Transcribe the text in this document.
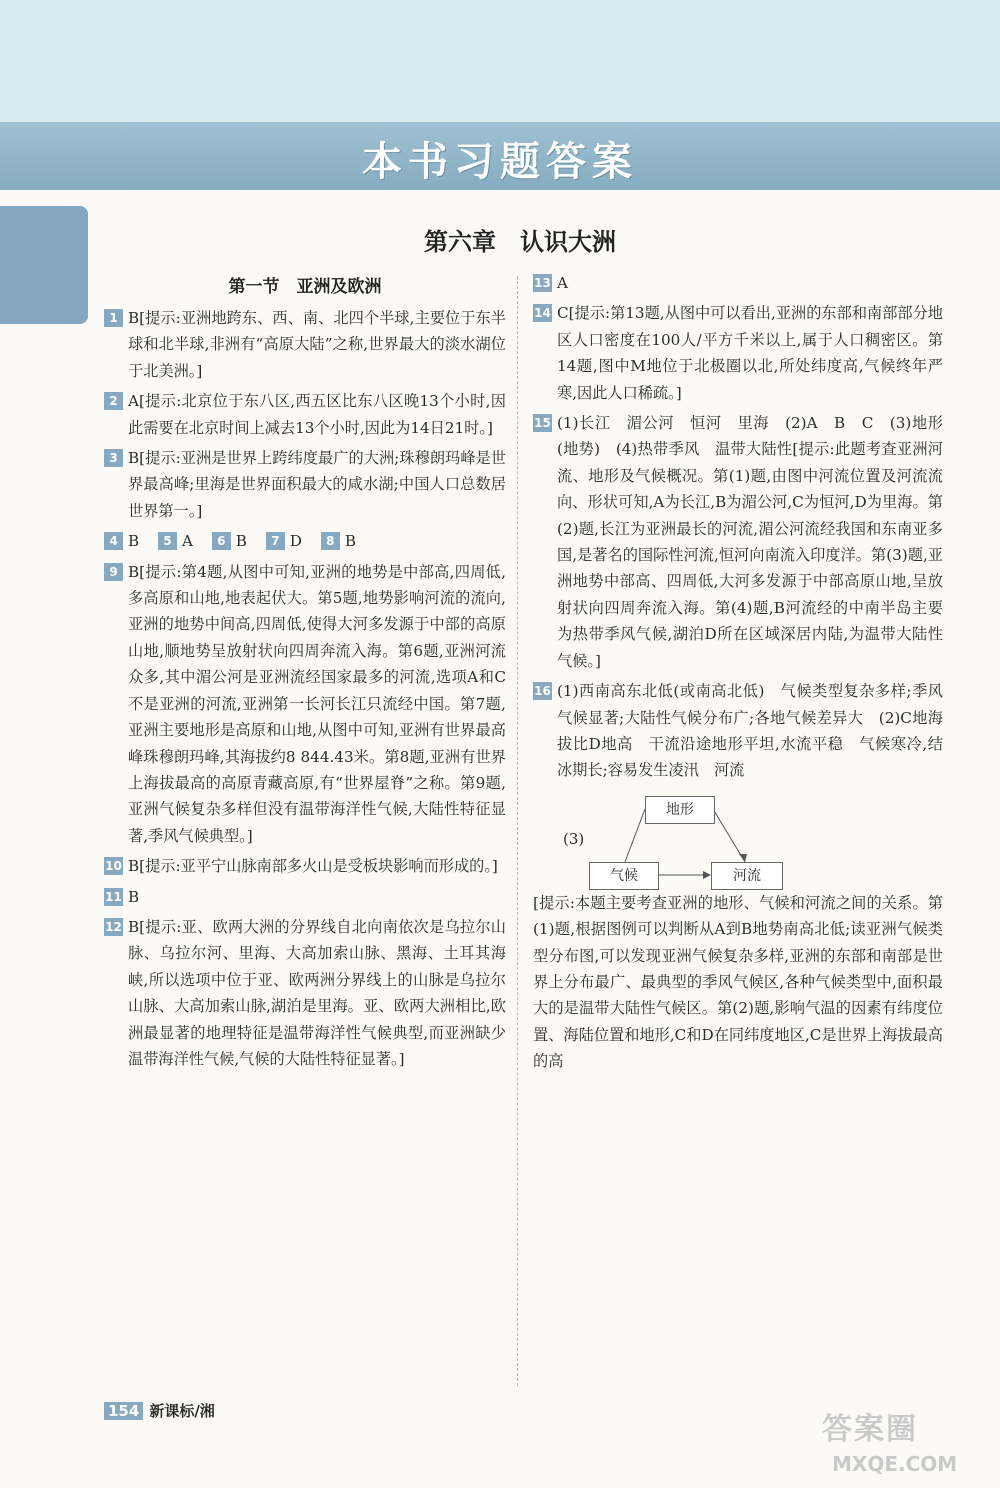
本书习题答案
第六章　认识大洲
第一节　亚洲及欧洲
1 B[提示:亚洲地跨东、西、南、北四个半球,主要位于东半球和北半球,非洲有“高原大陆”之称,世界最大的淡水湖位于北美洲。]
2 A[提示:北京位于东八区,西五区比东八区晚13个小时,因此需要在北京时间上减去13个小时,因此为14日21时。]
3 B[提示:亚洲是世界上跨纬度最广的大洲;珠穆朗玛峰是世界最高峰;里海是世界面积最大的咸水湖;中国人口总数居世界第一。]
4 B 5 A 6 B 7 D 8 B
9 B[提示:第4题,从图中可知,亚洲的地势是中部高,四周低,多高原和山地,地表起伏大。第5题,地势影响河流的流向,亚洲的地势中间高,四周低,使得大河多发源于中部的高原山地,顺地势呈放射状向四周奔流入海。第6题,亚洲河流众多,其中湄公河是亚洲流经国家最多的河流,选项A和C不是亚洲的河流,亚洲第一长河长江只流经中国。第7题,亚洲主要地形是高原和山地,从图中可知,亚洲有世界最高峰珠穆朗玛峰,其海拔约8 844.43米。第8题,亚洲有世界上海拔最高的高原青藏高原,有“世界屋脊”之称。第9题,亚洲气候复杂多样但没有温带海洋性气候,大陆性特征显著,季风气候典型。]
10 B[提示:亚平宁山脉南部多火山是受板块影响而形成的。]
11 B
12 B[提示:亚、欧两大洲的分界线自北向南依次是乌拉尔山脉、乌拉尔河、里海、大高加索山脉、黑海、土耳其海峡,所以选项中位于亚、欧两洲分界线上的山脉是乌拉尔山脉、大高加索山脉,湖泊是里海。亚、欧两大洲相比,欧洲最显著的地理特征是温带海洋性气候典型,而亚洲缺少温带海洋性气候,气候的大陆性特征显著。]
13 A
14 C[提示:第13题,从图中可以看出,亚洲的东部和南部部分地区人口密度在100人/平方千米以上,属于人口稠密区。第14题,图中M地位于北极圈以北,所处纬度高,气候终年严寒,因此人口稀疏。]
15 (1)长江　湄公河　恒河　里海　(2)A　B　C　(3)地形(地势)　(4)热带季风　温带大陆性[提示:此题考查亚洲河流、地形及气候概况。第(1)题,由图中河流位置及河流流向、形状可知,A为长江,B为湄公河,C为恒河,D为里海。第(2)题,长江为亚洲最长的河流,湄公河流经我国和东南亚多国,是著名的国际性河流,恒河向南流入印度洋。第(3)题,亚洲地势中部高、四周低,大河多发源于中部高原山地,呈放射状向四周奔流入海。第(4)题,B河流经的中南半岛主要为热带季风气候,湖泊D所在区域深居内陆,为温带大陆性气候。]
16 (1)西南高东北低(或南高北低)　气候类型复杂多样;季风气候显著;大陆性气候分布广;各地气候差异大　(2)C地海拔比D地高　干流沿途地形平坦,水流平稳　气候寒冷,结冰期长;容易发生凌汛　河流
(3)
地形
气候	河流
[提示:本题主要考查亚洲的地形、气候和河流之间的关系。第(1)题,根据图例可以判断从A到B地势南高北低;读亚洲气候类型分布图,可以发现亚洲气候复杂多样,亚洲的东部和南部是世界上分布最广、最典型的季风气候区,各种气候类型中,面积最大的是温带大陆性气候区。第(2)题,影响气温的因素有纬度位置、海陆位置和地形,C和D在同纬度地区,C是世界上海拔最高的高
154 新课标/湘
答案圈
MXQE.COM
